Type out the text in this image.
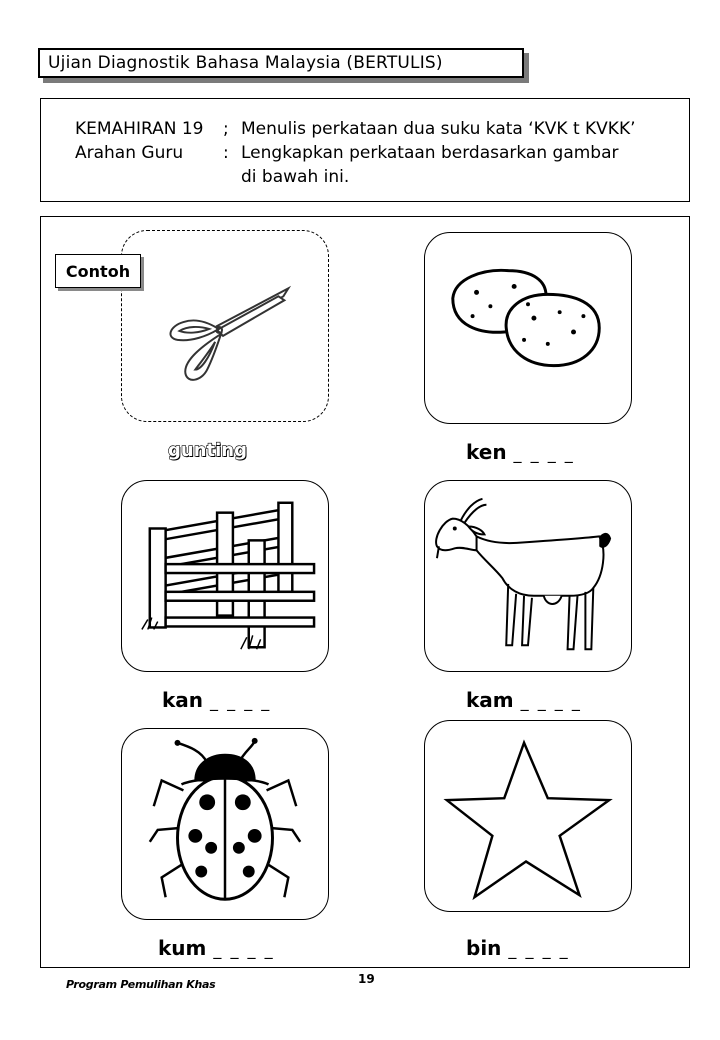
Ujian Diagnostik Bahasa Malaysia (BERTULIS)
KEMAHIRAN 19 ; Menulis perkataan dua suku kata ‘KVK t KVKK’
Arahan Guru : Lengkapkan perkataan berdasarkan gambar
di bawah ini.
Contoh
gunting	ken _ _ _ _
kan _ _ _ _	kam _ _ _ _
kum _ _ _ _	bin _ _ _ _
Program Pemulihan Khas	19
